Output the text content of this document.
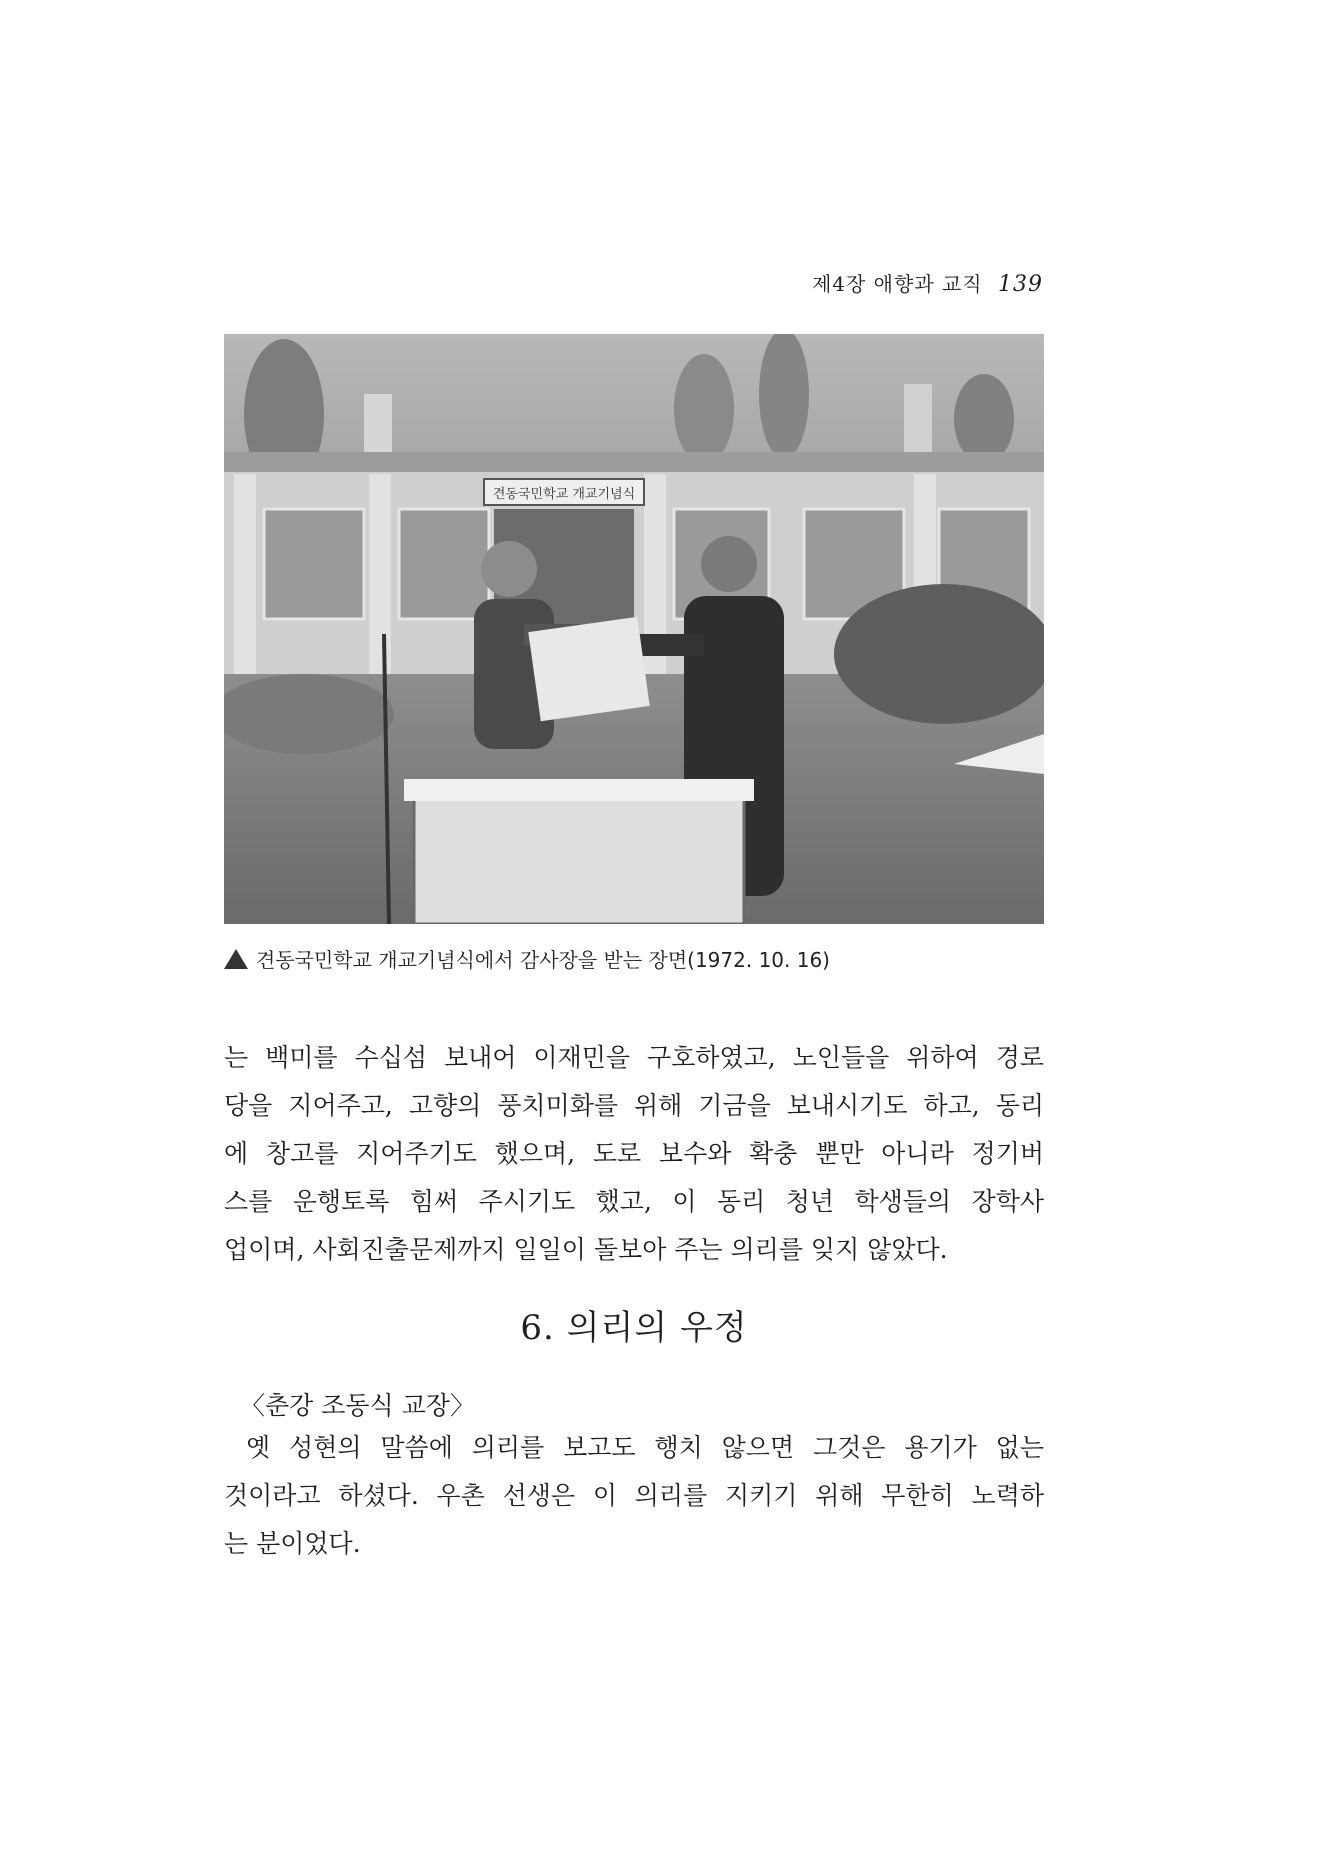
제4장 애향과 교직 139
견동국민학교 개교기념식
견동국민학교 개교기념식에서 감사장을 받는 장면(1972. 10. 16)

는 백미를 수십섬 보내어 이재민을 구호하였고, 노인들을 위하여 경로

당을 지어주고, 고향의 풍치미화를 위해 기금을 보내시기도 하고, 동리

에 창고를 지어주기도 했으며, 도로 보수와 확충 뿐만 아니라 정기버

스를 운행토록 힘써 주시기도 했고, 이 동리 청년 학생들의 장학사

업이며, 사회진출문제까지 일일이 돌보아 주는 의리를 잊지 않았다.

6. 의리의 우정
〈춘강 조동식 교장〉

옛 성현의 말씀에 의리를 보고도 행치 않으면 그것은 용기가 없는

것이라고 하셨다. 우촌 선생은 이 의리를 지키기 위해 무한히 노력하

는 분이었다.
